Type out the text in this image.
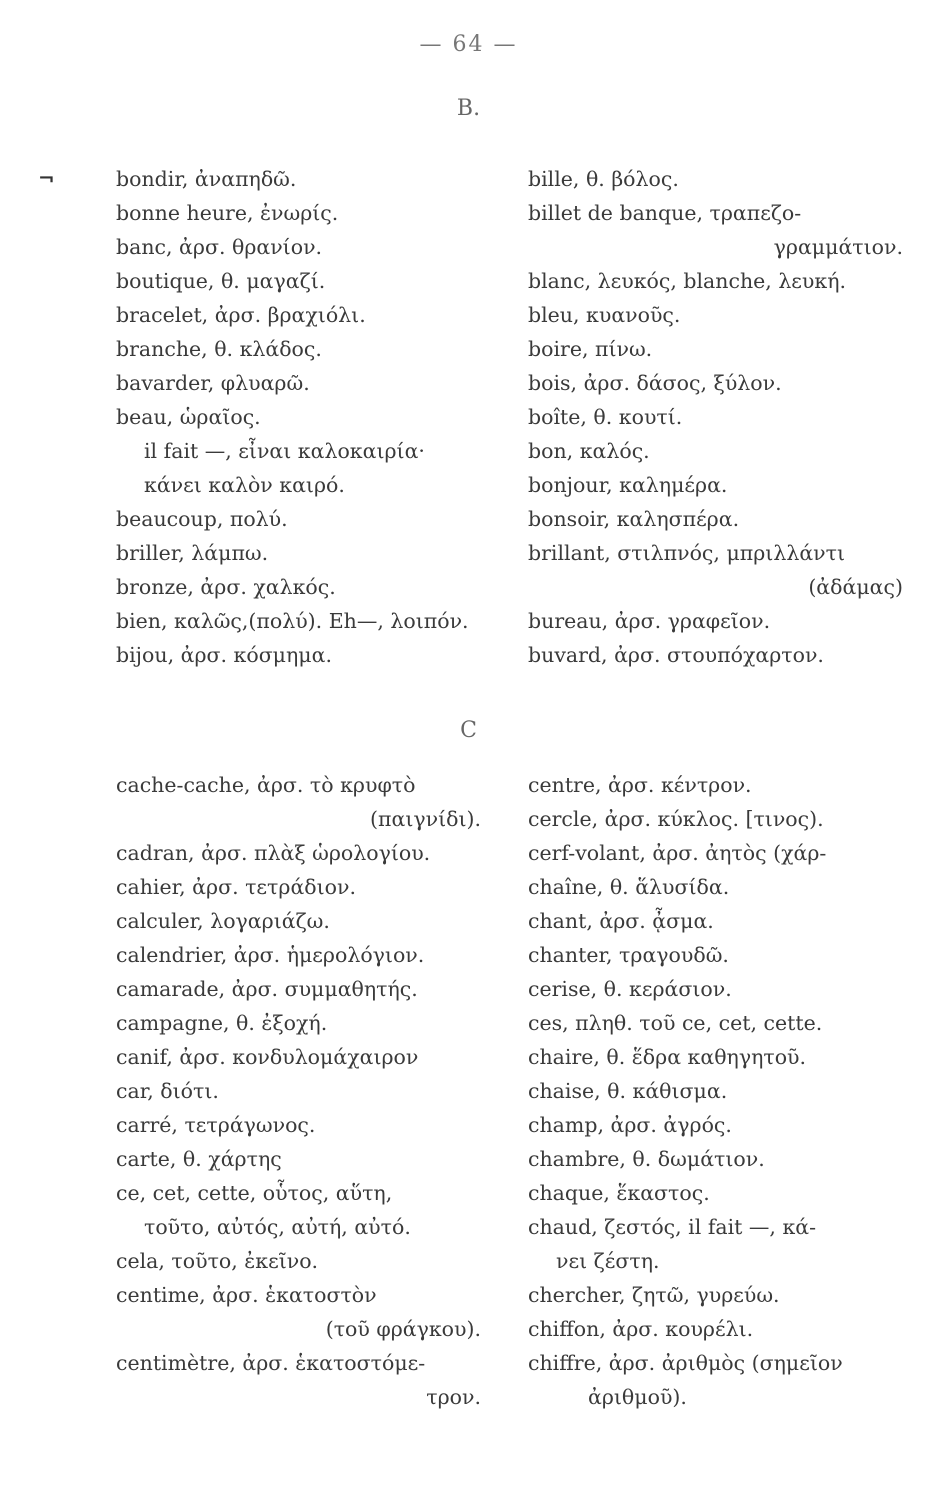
— 64 —
¬
B.
bondir, ἀναπηδῶ.
bonne heure, ἐνωρίς.
banc, ἀρσ. θρανίον.
boutique, θ. μαγαζί.
bracelet, ἀρσ. βραχιόλι.
branche, θ. κλάδος.
bavarder, φλυαρῶ.
beau, ὡραῖος.
il fait —, εἶναι καλοκαιρία·
κάνει καλὸν καιρό.
beaucoup, πολύ.
briller, λάμπω.
bronze, ἀρσ. χαλκός.
bien, καλῶς,(πολύ). Eh—, λοιπόν.
bijou, ἀρσ. κόσμημα.
bille, θ. βόλος.
billet de banque, τραπεζο-
γραμμάτιον.
blanc, λευκός, blanche, λευκή.
bleu, κυανοῦς.
boire, πίνω.
bois, ἀρσ. δάσος, ξύλον.
boîte, θ. κουτί.
bon, καλός.
bonjour, καλημέρα.
bonsoir, καλησπέρα.
brillant, στιλπνός, μπριλλάντι
(ἀδάμας)
bureau, ἀρσ. γραφεῖον.
buvard, ἀρσ. στουπόχαρτον.
C
cache-cache, ἀρσ. τὸ κρυφτὸ
(παιγνίδι).
cadran, ἀρσ. πλὰξ ὡρολογίου.
cahier, ἀρσ. τετράδιον.
calculer, λογαριάζω.
calendrier, ἀρσ. ἡμερολόγιον.
camarade, ἀρσ. συμμαθητής.
campagne, θ. ἐξοχή.
canif, ἀρσ. κονδυλομάχαιρον
car, διότι.
carré, τετράγωνος.
carte, θ. χάρτης
ce, cet, cette, οὗτος, αὕτη,
τοῦτο, αὐτός, αὐτή, αὐτό.
cela, τοῦτο, ἐκεῖνο.
centime, ἀρσ. ἑκατοστὸν
(τοῦ φράγκου).
centimètre, ἀρσ. ἑκατοστόμε-
τρον.
centre, ἀρσ. κέντρον.
cercle, ἀρσ. κύκλος. [τινος).
cerf-volant, ἀρσ. ἀητὸς (χάρ-
chaîne, θ. ἅλυσίδα.
chant, ἀρσ. ᾆσμα.
chanter, τραγουδῶ.
cerise, θ. κεράσιον.
ces, πληθ. τοῦ ce, cet, cette.
chaire, θ. ἕδρα καθηγητοῦ.
chaise, θ. κάθισμα.
champ, ἀρσ. ἀγρός.
chambre, θ. δωμάτιον.
chaque, ἕκαστος.
chaud, ζεστός, il fait —, κά-
νει ζέστη.
chercher, ζητῶ, γυρεύω.
chiffon, ἀρσ. κουρέλι.
chiffre, ἀρσ. ἀριθμὸς (σημεῖον
ἀριθμοῦ).
